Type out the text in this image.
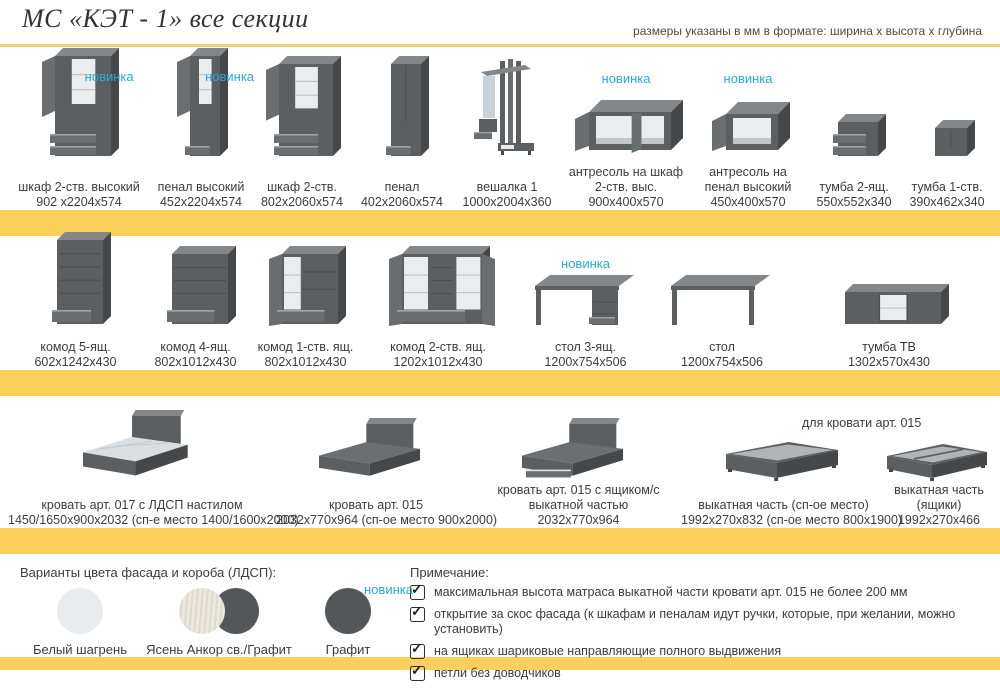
МС «КЭТ - 1» все секции	размеры указаны в мм в формате: ширина х высота х глубина
новинка
шкаф 2-ств. высокий
902 х2204х574
новинка
пенал высокий
452х2204х574
шкаф 2-ств.
802х2060х574
пенал
402х2060х574
вешалка 1
1000х2004х360
новинка
антресоль на шкаф 2-ств. выс.
900х400х570
новинка
антресоль на пенал высокий
450х400х570
тумба 2-ящ.
550х552х340
тумба 1-ств.
390х462х340
комод 5-ящ.
602х1242х430
комод 4-ящ.
802х1012х430
комод 1-ств. ящ.
802х1012х430
комод 2-ств. ящ.
1202х1012х430
новинка
стол 3-ящ.
1200х754х506
стол
1200х754х506
тумба ТВ
1302х570х430
для кровати арт. 015
кровать арт. 017 с ЛДСП настилом
1450/1650х900х2032 (сп-е место 1400/1600х2000)
кровать арт. 015
2032х770х964 (сп-ое место 900х2000)
кровать арт. 015 с ящиком/с выкатной частью
2032х770х964
выкатная часть (сп-ое место)
1992х270х832 (сп-ое место 800х1900)
выкатная часть (ящики)
1992х270х466
Варианты цвета фасада и короба (ЛДСП):
Белый шагрень	Ясень Анкор св./Графит
новинка
Графит
Примечание:
✓ максимальная высота матраса выкатной части кровати арт. 015 не более 200 мм
✓ открытие за скос фасада (к шкафам и пеналам идут ручки, которые, при желании, можно установить)
✓ на ящиках шариковые направляющие полного выдвижения
✓ петли без доводчиков
